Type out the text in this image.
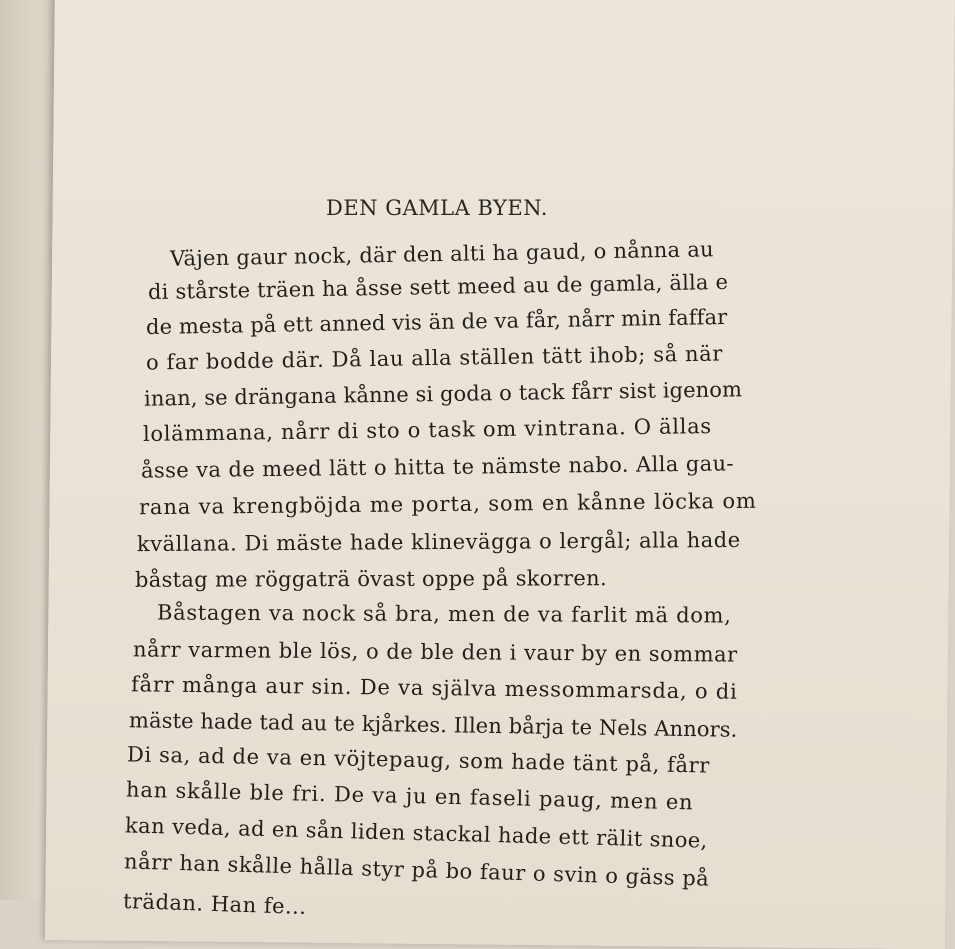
DEN GAMLA BYEN.

Väjen gaur nock, där den alti ha gaud, o nånna au

di stårste träen ha åsse sett meed au de gamla, älla e

de mesta på ett anned vis än de va får, nårr min faffar

o far bodde där. Då lau alla ställen tätt ihob; så när

inan, se drängana kånne si goda o tack fårr sist igenom

lolämmana, nårr di sto o task om vintrana. O ällas

åsse va de meed lätt o hitta te nämste nabo. Alla gau-

rana va krengböjda me porta, som en kånne löcka om

kvällana. Di mäste hade klinevägga o lergål; alla hade

båstag me röggaträ övast oppe på skorren.

Båstagen va nock så bra, men de va farlit mä dom,

nårr varmen ble lös, o de ble den i vaur by en sommar

fårr många aur sin. De va själva messommarsda, o di

mäste hade tad au te kjårkes. Illen bårja te Nels Annors.

Di sa, ad de va en vöjtepaug, som hade tänt på, fårr

han skålle ble fri. De va ju en faseli paug, men en

kan veda, ad en sån liden stackal hade ett rälit snoe,

nårr han skålle hålla styr på bo faur o svin o gäss på

trädan. Han fe...
